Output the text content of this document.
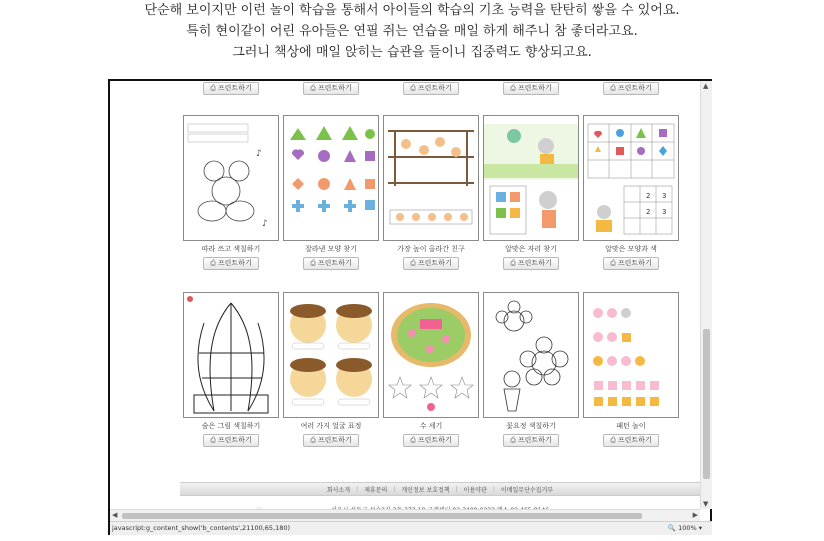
단순해 보이지만 이런 놀이 학습을 통해서 아이들의 학습의 기초 능력을 탄탄히 쌓을 수 있어요.

특히 현이같이 어린 유아들은 연필 쥐는 연습을 매일 하게 해주니 참 좋더라고요.

그러니 책상에 매일 앉히는 습관을 들이니 집중력도 향상되고요.

⎙ 프린트하기	⎙ 프린트하기	⎙ 프린트하기	⎙ 프린트하기	⎙ 프린트하기
♪
♪
따라 쓰고 색칠하기
⎙ 프린트하기
잘라낸 모양 찾기
⎙ 프린트하기
가장 높이 올라간 친구
⎙ 프린트하기
알맞은 자리 찾기
⎙ 프린트하기
2 3
2 3
알맞은 모양과 색
⎙ 프린트하기
숨은 그림 색칠하기
⎙ 프린트하기
여러 가지 얼굴 표정
⎙ 프린트하기
수 세기
⎙ 프린트하기
꽃요정 색칠하기
⎙ 프린트하기
패턴 놀이
⎙ 프린트하기
회사소개 | 제휴문의 | 개인정보 보호정책 | 이용약관 | 이메일무단수집거부
▲
▼
◀	▶
javascript:g_content_show('b_contents',21100,65,180)	🔍 100% ▾
